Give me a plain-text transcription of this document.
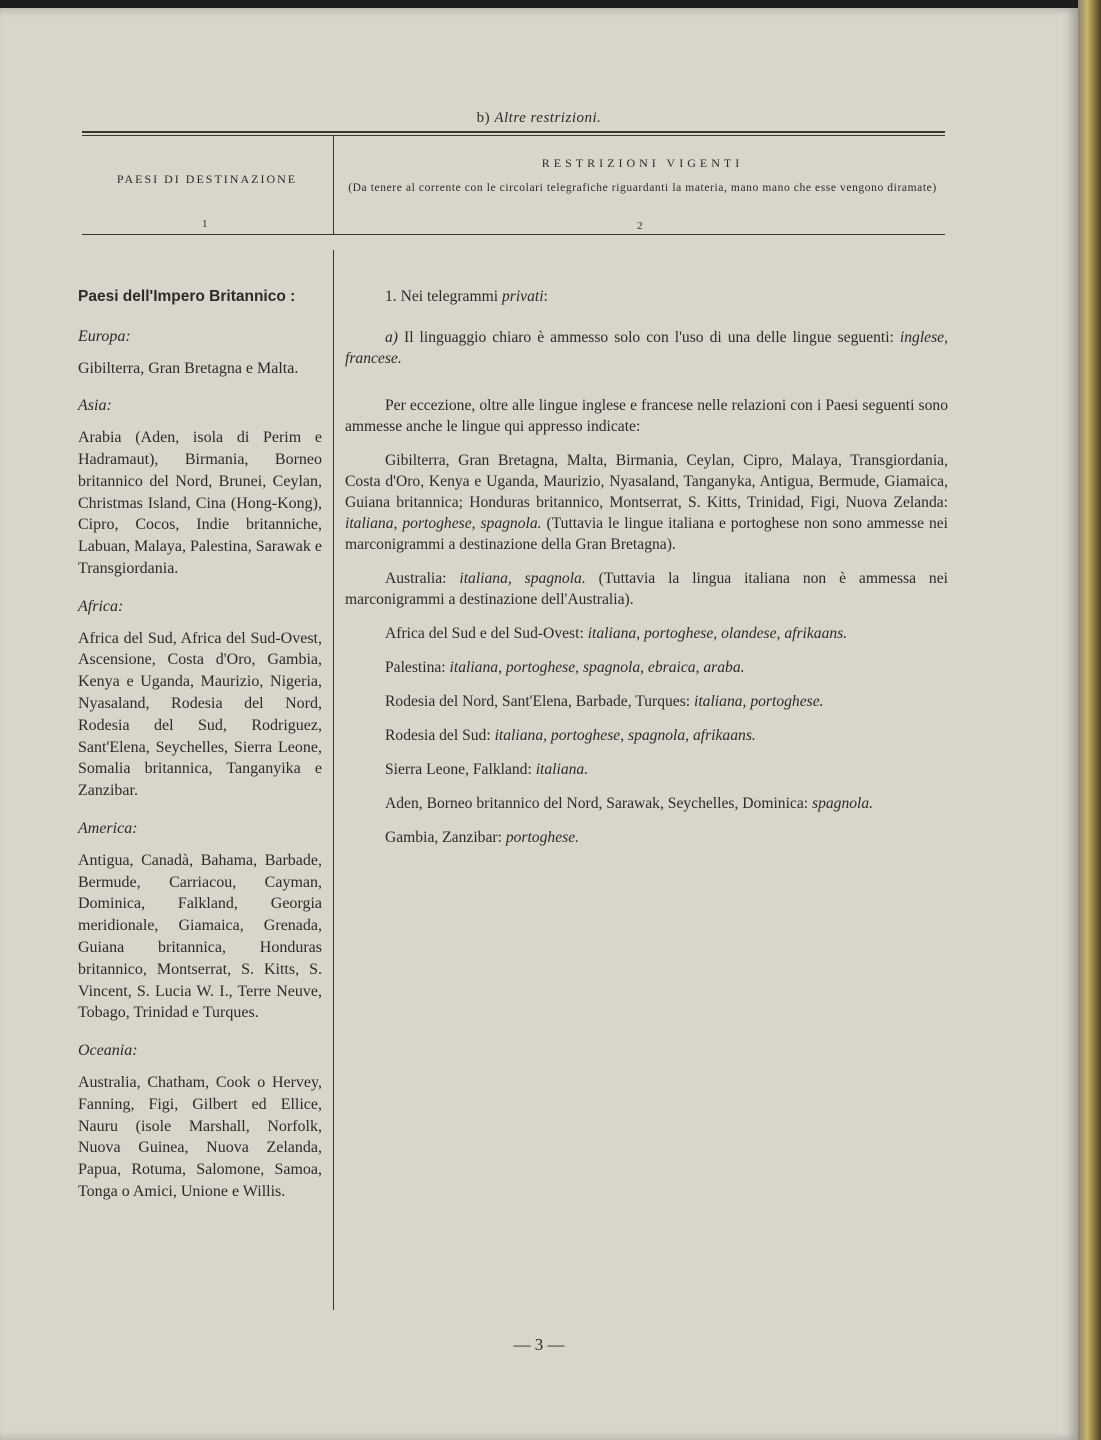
b) Altre restrizioni.
PAESI DI DESTINAZIONE
1
RESTRIZIONI VIGENTI
(Da tenere al corrente con le circolari telegrafiche riguardanti la materia, mano mano che esse vengono diramate)
2
Paesi dell'Impero Britannico :
Europa:

Gibilterra, Gran Bretagna e Malta.

Asia:

Arabia (Aden, isola di Perim e Hadramaut), Birmania, Borneo britannico del Nord, Brunei, Ceylan, Christmas Island, Cina (Hong-Kong), Cipro, Cocos, Indie britanniche, Labuan, Malaya, Palestina, Sarawak e Transgiordania.

Africa:

Africa del Sud, Africa del Sud-Ovest, Ascensione, Costa d'Oro, Gambia, Kenya e Uganda, Maurizio, Nigeria, Nyasaland, Rodesia del Nord, Rodesia del Sud, Rodriguez, Sant'Elena, Seychelles, Sierra Leone, Somalia britannica, Tanganyika e Zanzibar.

America:

Antigua, Canadà, Bahama, Barbade, Bermude, Carriacou, Cayman, Dominica, Falkland, Georgia meridionale, Giamaica, Grenada, Guiana britannica, Honduras britannico, Montserrat, S. Kitts, S. Vincent, S. Lucia W. I., Terre Neuve, Tobago, Trinidad e Turques.

Oceania:

Australia, Chatham, Cook o Hervey, Fanning, Figi, Gilbert ed Ellice, Nauru (isole Marshall, Norfolk, Nuova Guinea, Nuova Zelanda, Papua, Rotuma, Salomone, Samoa, Tonga o Amici, Unione e Willis.

1. Nei telegrammi privati:

a) Il linguaggio chiaro è ammesso solo con l'uso di una delle lingue seguenti: inglese, francese.

Per eccezione, oltre alle lingue inglese e francese nelle relazioni con i Paesi seguenti sono ammesse anche le lingue qui appresso indicate:

Gibilterra, Gran Bretagna, Malta, Birmania, Ceylan, Cipro, Malaya, Transgiordania, Costa d'Oro, Kenya e Uganda, Maurizio, Nyasaland, Tanganyka, Antigua, Bermude, Giamaica, Guiana britannica; Honduras britannico, Montserrat, S. Kitts, Trinidad, Figi, Nuova Zelanda: italiana, portoghese, spagnola. (Tuttavia le lingue italiana e portoghese non sono ammesse nei marconigrammi a destinazione della Gran Bretagna).

Australia: italiana, spagnola. (Tuttavia la lingua italiana non è ammessa nei marconigrammi a destinazione dell'Australia).

Africa del Sud e del Sud-Ovest: italiana, portoghese, olandese, afrikaans.

Palestina: italiana, portoghese, spagnola, ebraica, araba.

Rodesia del Nord, Sant'Elena, Barbade, Turques: italiana, portoghese.

Rodesia del Sud: italiana, portoghese, spagnola, afrikaans.

Sierra Leone, Falkland: italiana.

Aden, Borneo britannico del Nord, Sarawak, Seychelles, Dominica: spagnola.

Gambia, Zanzibar: portoghese.

— 3 —
